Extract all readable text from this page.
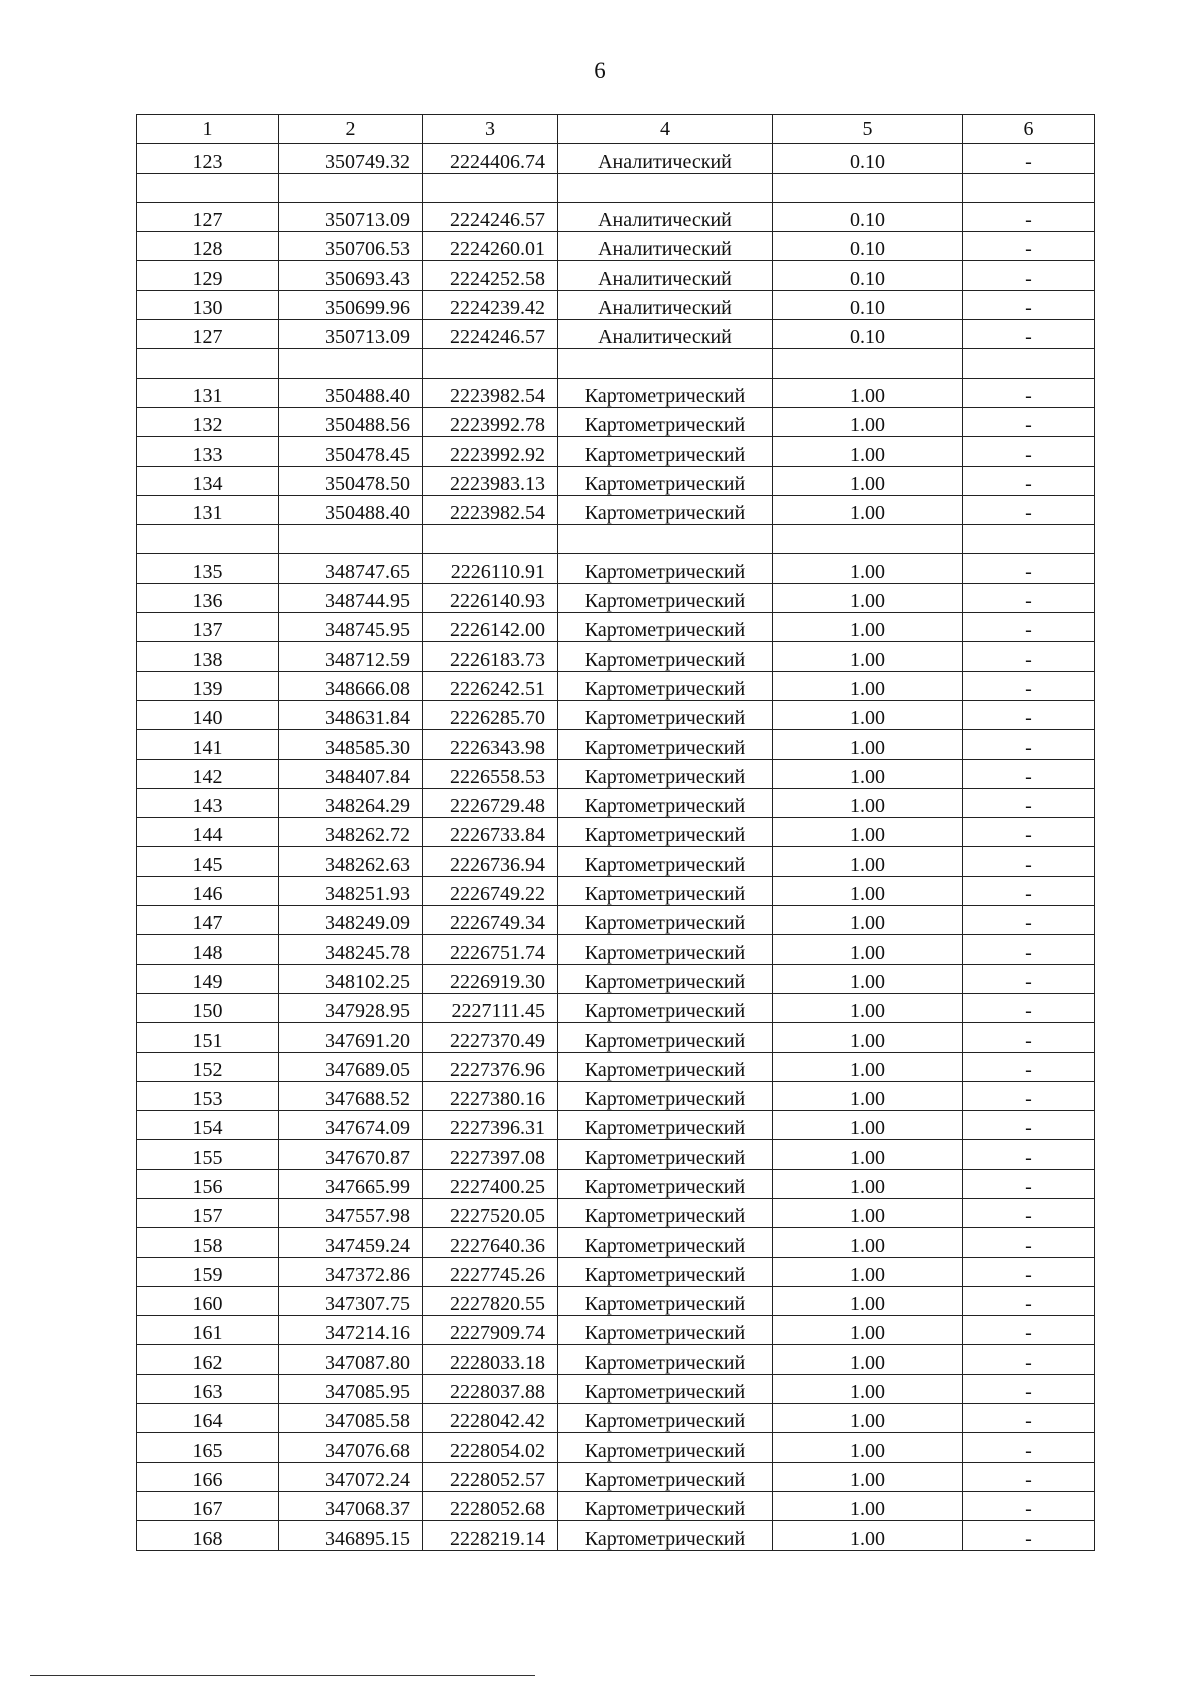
6
1	2	3	4	5	6
123	350749.32	2224406.74	Аналитический	0.10	-

127	350713.09	2224246.57	Аналитический	0.10	-
128	350706.53	2224260.01	Аналитический	0.10	-
129	350693.43	2224252.58	Аналитический	0.10	-
130	350699.96	2224239.42	Аналитический	0.10	-
127	350713.09	2224246.57	Аналитический	0.10	-

131	350488.40	2223982.54	Картометрический	1.00	-
132	350488.56	2223992.78	Картометрический	1.00	-
133	350478.45	2223992.92	Картометрический	1.00	-
134	350478.50	2223983.13	Картометрический	1.00	-
131	350488.40	2223982.54	Картометрический	1.00	-

135	348747.65	2226110.91	Картометрический	1.00	-
136	348744.95	2226140.93	Картометрический	1.00	-
137	348745.95	2226142.00	Картометрический	1.00	-
138	348712.59	2226183.73	Картометрический	1.00	-
139	348666.08	2226242.51	Картометрический	1.00	-
140	348631.84	2226285.70	Картометрический	1.00	-
141	348585.30	2226343.98	Картометрический	1.00	-
142	348407.84	2226558.53	Картометрический	1.00	-
143	348264.29	2226729.48	Картометрический	1.00	-
144	348262.72	2226733.84	Картометрический	1.00	-
145	348262.63	2226736.94	Картометрический	1.00	-
146	348251.93	2226749.22	Картометрический	1.00	-
147	348249.09	2226749.34	Картометрический	1.00	-
148	348245.78	2226751.74	Картометрический	1.00	-
149	348102.25	2226919.30	Картометрический	1.00	-
150	347928.95	2227111.45	Картометрический	1.00	-
151	347691.20	2227370.49	Картометрический	1.00	-
152	347689.05	2227376.96	Картометрический	1.00	-
153	347688.52	2227380.16	Картометрический	1.00	-
154	347674.09	2227396.31	Картометрический	1.00	-
155	347670.87	2227397.08	Картометрический	1.00	-
156	347665.99	2227400.25	Картометрический	1.00	-
157	347557.98	2227520.05	Картометрический	1.00	-
158	347459.24	2227640.36	Картометрический	1.00	-
159	347372.86	2227745.26	Картометрический	1.00	-
160	347307.75	2227820.55	Картометрический	1.00	-
161	347214.16	2227909.74	Картометрический	1.00	-
162	347087.80	2228033.18	Картометрический	1.00	-
163	347085.95	2228037.88	Картометрический	1.00	-
164	347085.58	2228042.42	Картометрический	1.00	-
165	347076.68	2228054.02	Картометрический	1.00	-
166	347072.24	2228052.57	Картометрический	1.00	-
167	347068.37	2228052.68	Картометрический	1.00	-
168	346895.15	2228219.14	Картометрический	1.00	-
